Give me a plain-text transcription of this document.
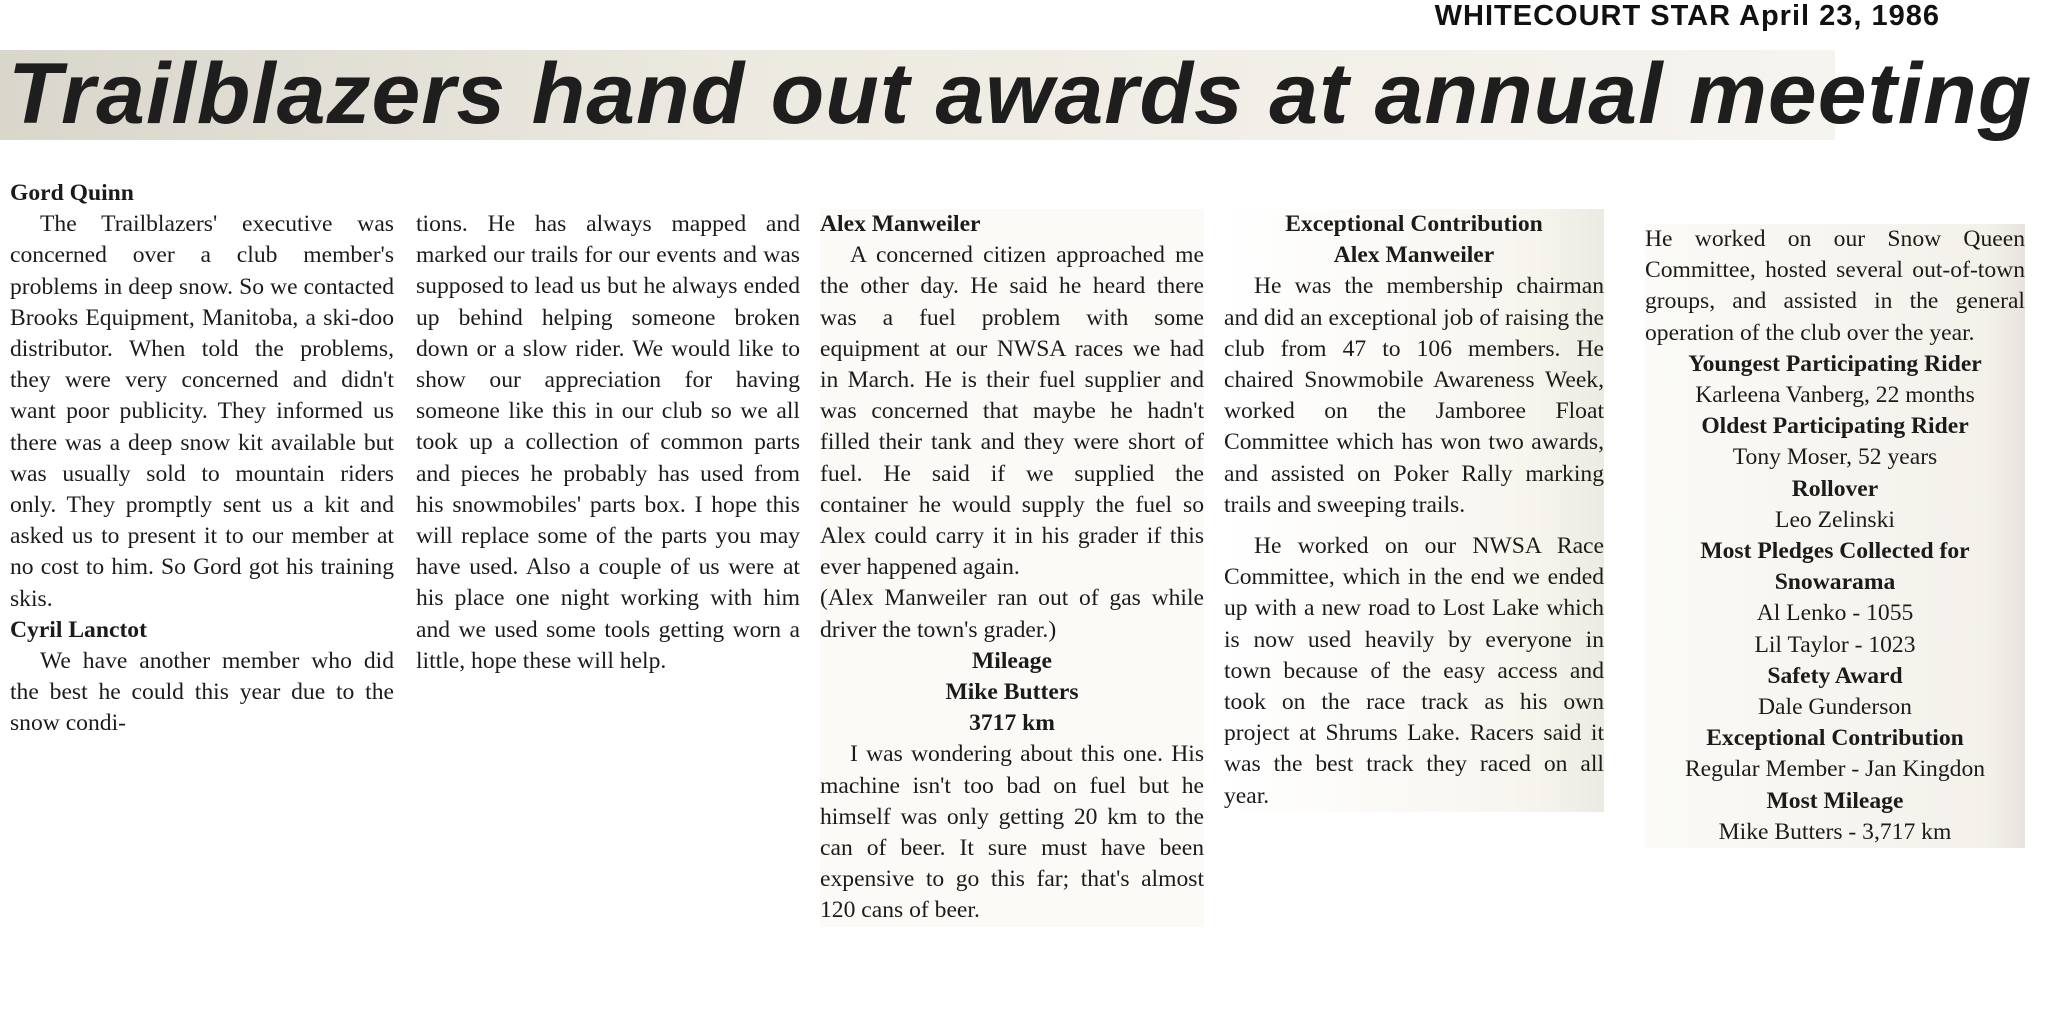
WHITECOURT STAR April 23, 1986
Trailblazers hand out awards at annual meeting
Gord Quinn

The Trailblazers' executive was concerned over a club member's problems in deep snow. So we contacted Brooks Equipment, Manitoba, a ski-doo distributor. When told the problems, they were very concerned and didn't want poor publicity. They informed us there was a deep snow kit available but was usually sold to mountain riders only. They promptly sent us a kit and asked us to present it to our member at no cost to him. So Gord got his training skis.

Cyril Lanctot

We have another member who did the best he could this year due to the snow condi-

tions. He has always mapped and marked our trails for our events and was supposed to lead us but he always ended up behind helping someone broken down or a slow rider. We would like to show our appreciation for having someone like this in our club so we all took up a collection of common parts and pieces he probably has used from his snowmobiles' parts box. I hope this will replace some of the parts you may have used. Also a couple of us were at his place one night working with him and we used some tools getting worn a little, hope these will help.

Alex Manweiler

A concerned citizen approached me the other day. He said he heard there was a fuel problem with some equipment at our NWSA races we had in March. He is their fuel supplier and was concerned that maybe he hadn't filled their tank and they were short of fuel. He said if we supplied the container he would supply the fuel so Alex could carry it in his grader if this ever happened again.

(Alex Manweiler ran out of gas while driver the town's grader.)

Mileage
Mike Butters
3717 km

I was wondering about this one. His machine isn't too bad on fuel but he himself was only getting 20 km to the can of beer. It sure must have been expensive to go this far; that's almost 120 cans of beer.

Exceptional Contribution
Alex Manweiler

He was the membership chairman and did an exceptional job of raising the club from 47 to 106 members. He chaired Snowmobile Awareness Week, worked on the Jamboree Float Committee which has won two awards, and assisted on Poker Rally marking trails and sweeping trails.

He worked on our NWSA Race Committee, which in the end we ended up with a new road to Lost Lake which is now used heavily by everyone in town because of the easy access and took on the race track as his own project at Shrums Lake. Racers said it was the best track they raced on all year.

He worked on our Snow Queen Committee, hosted several out-of-town groups, and assisted in the general operation of the club over the year.

Youngest Participating Rider
Karleena Vanberg, 22 months
Oldest Participating Rider
Tony Moser, 52 years
Rollover
Leo Zelinski
Most Pledges Collected for Snowarama
Al Lenko - 1055
Lil Taylor - 1023
Safety Award
Dale Gunderson
Exceptional Contribution
Regular Member - Jan Kingdon
Most Mileage
Mike Butters - 3,717 km
